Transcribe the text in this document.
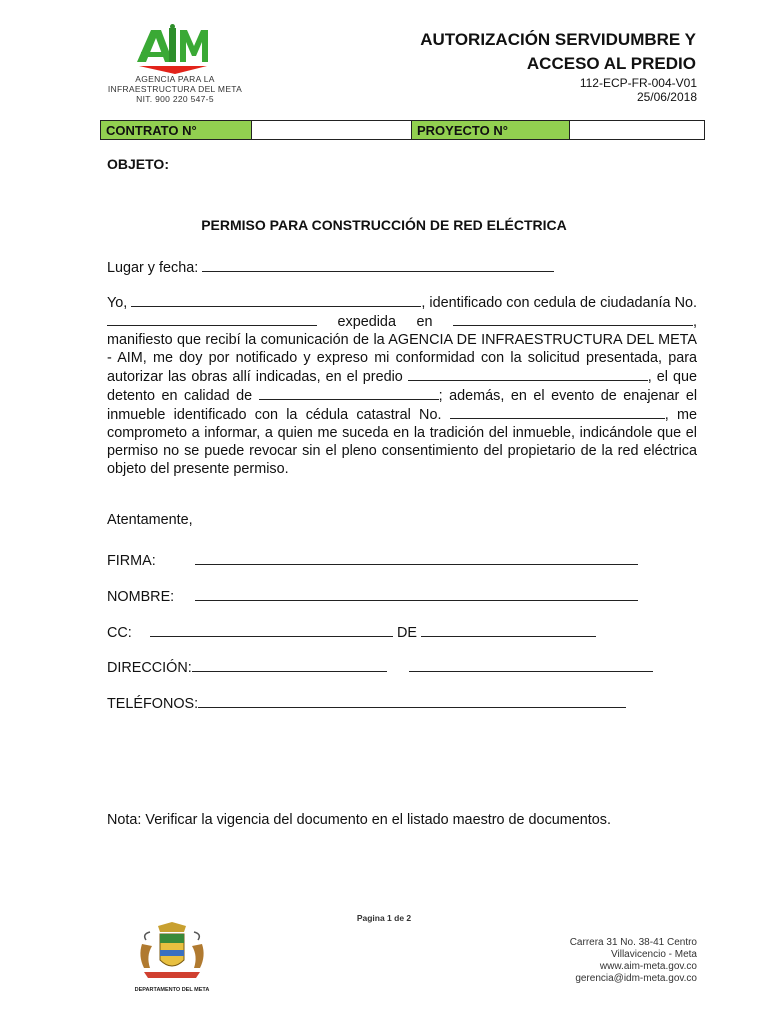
AGENCIA PARA LA
INFRAESTRUCTURA DEL META
NIT. 900 220 547-5
AUTORIZACIÓN SERVIDUMBRE Y
ACCESO AL PREDIO
112-ECP-FR-004-V01
25/06/2018
CONTRATO N°		PROYECTO N°	
OBJETO:
PERMISO PARA CONSTRUCCIÓN DE RED ELÉCTRICA
Lugar y fecha:
Yo,	, identificado con cedula de ciudadanía No.  expedida en	, manifiesto que recibí la comunicación de la AGENCIA DE INFRAESTRUCTURA DEL META - AIM, me doy por notificado y expreso mi conformidad con la solicitud presentada, para autorizar las obras allí indicadas, en el predio	, el que detento en calidad de	; además, en el evento de enajenar el inmueble identificado con la cédula catastral No.	, me comprometo a informar, a quien me suceda en la tradición del inmueble, indicándole que el permiso no se puede revocar sin el pleno consentimiento del propietario de la red eléctrica objeto del presente permiso.
Atentamente,
FIRMA:
NOMBRE:
CC:	DE
DIRECCIÓN:
TELÉFONOS:
Nota: Verificar la vigencia del documento en el listado maestro de documentos.
Pagina 1 de 2
DEPARTAMENTO DEL META
Carrera 31 No. 38-41 Centro
Villavicencio - Meta
www.aim-meta.gov.co
gerencia@idm-meta.gov.co
